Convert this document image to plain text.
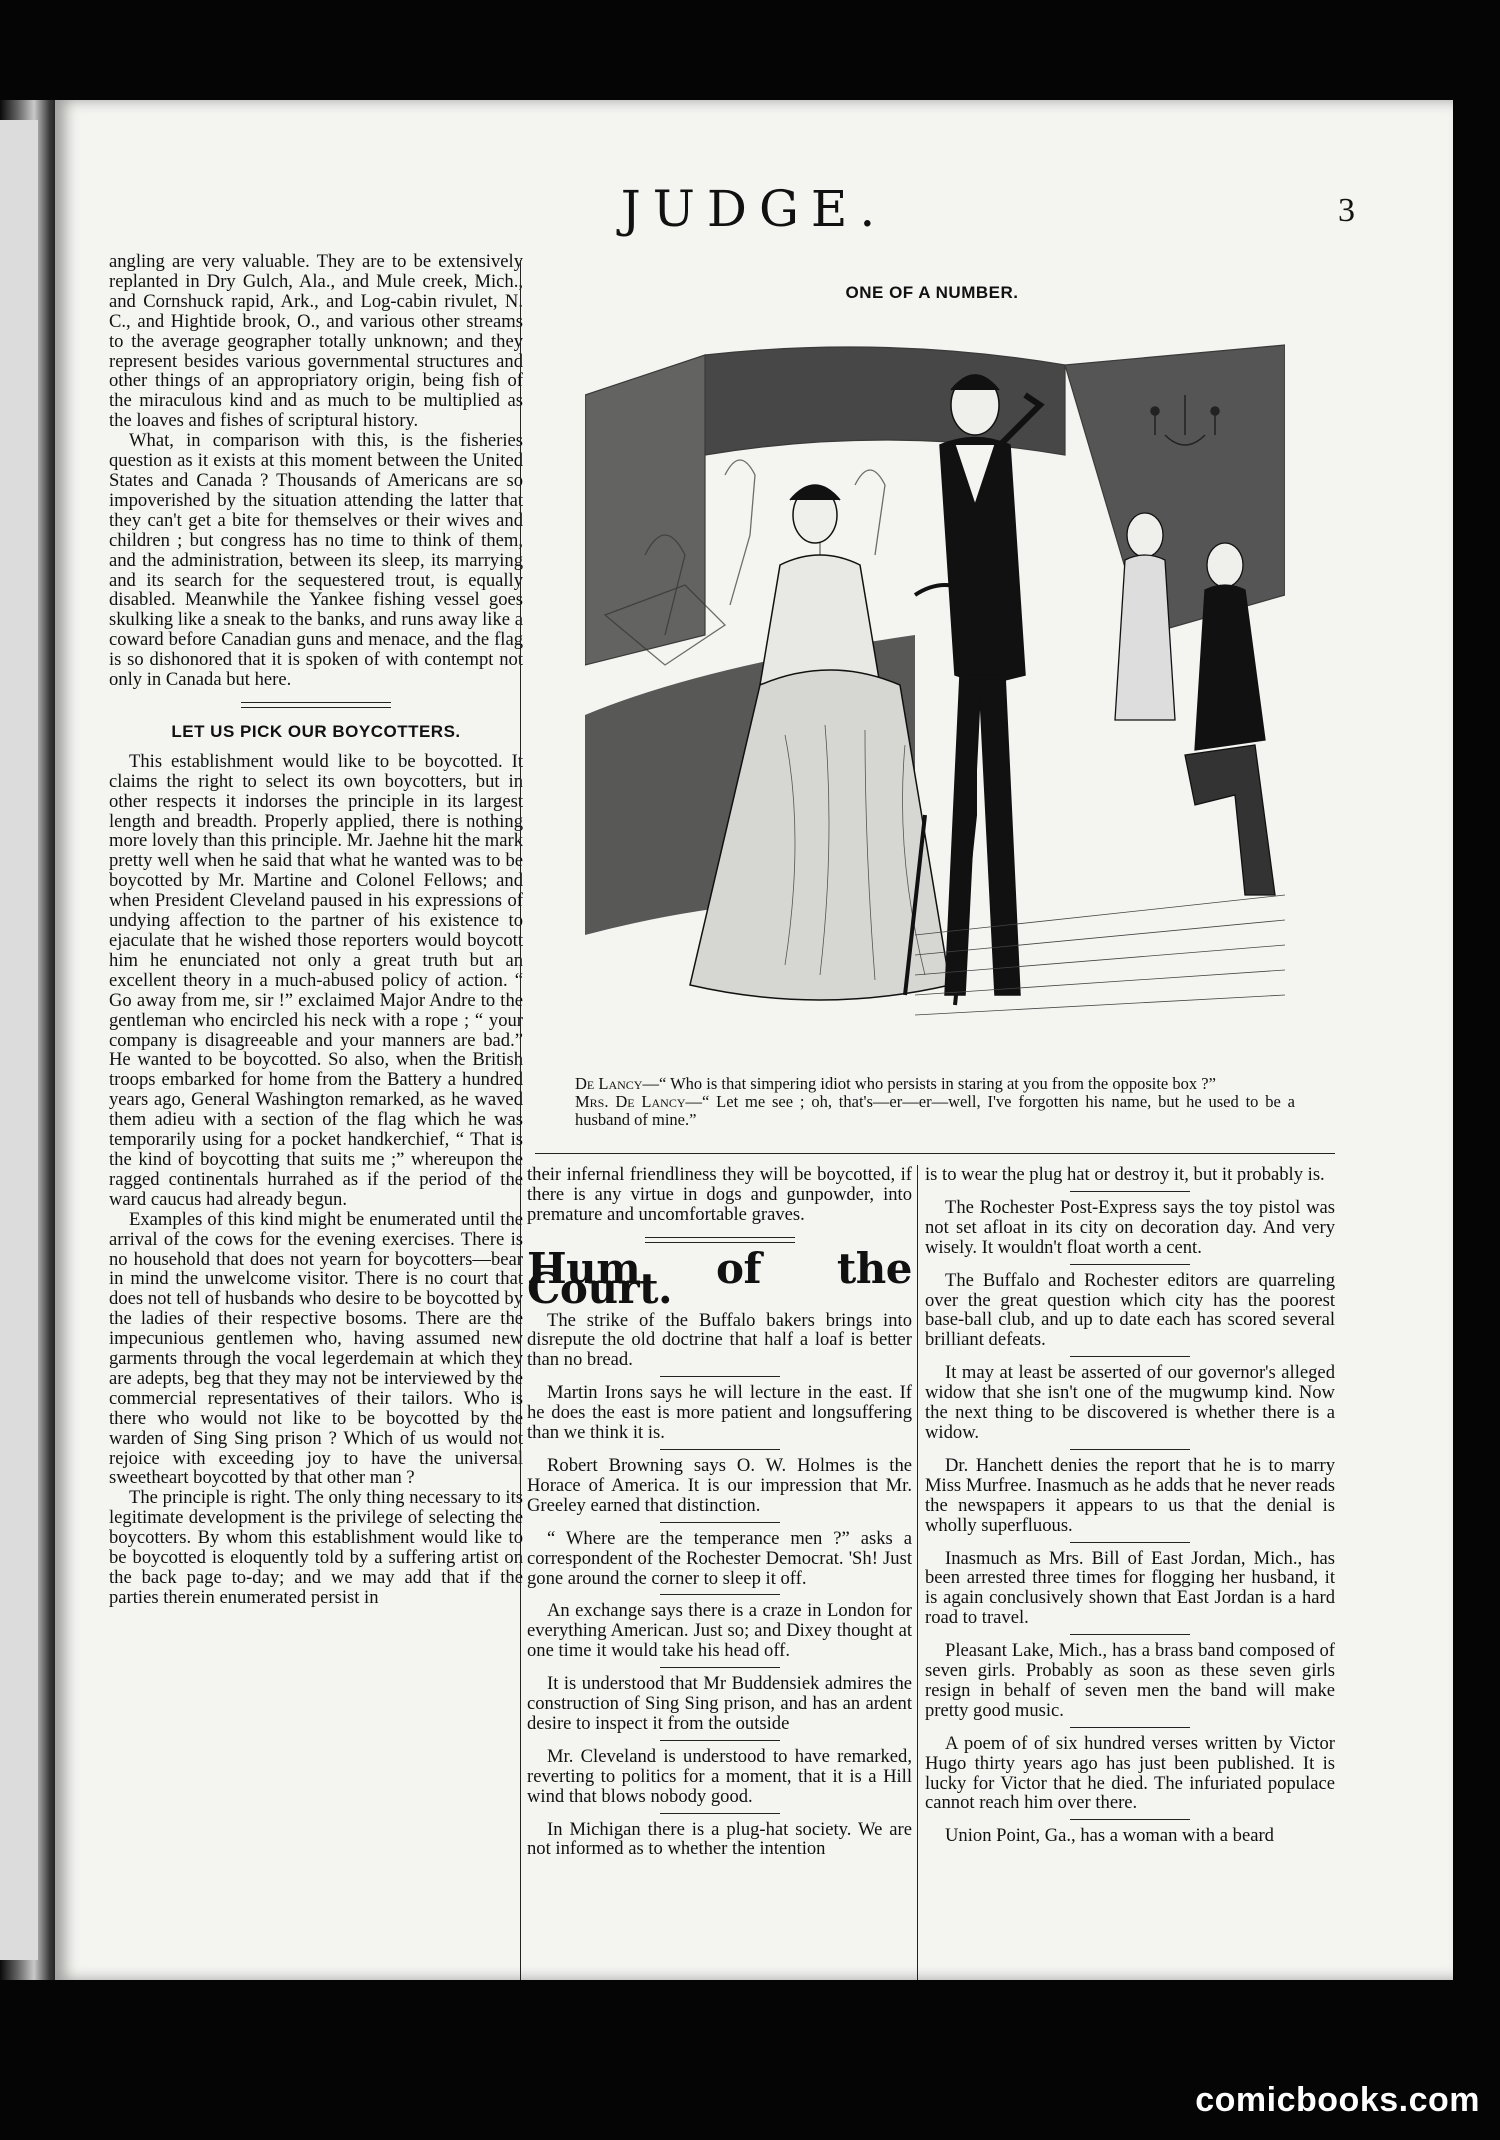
JUDGE.	3

angling are very valuable. They are to be extensively replanted in Dry Gulch, Ala., and Mule creek, Mich., and Cornshuck rapid, Ark., and Log-cabin rivulet, N. C., and Hightide brook, O., and various other streams to the average geographer totally unknown; and they represent besides various governmental structures and other things of an appropriatory origin, being fish of the miraculous kind and as much to be multiplied as the loaves and fishes of scriptural history.

What, in comparison with this, is the fisheries question as it exists at this moment between the United States and Canada ? Thousands of Americans are so impoverished by the situation attending the latter that they can't get a bite for themselves or their wives and children ; but congress has no time to think of them, and the administration, between its sleep, its marrying and its search for the sequestered trout, is equally disabled. Meanwhile the Yankee fishing vessel goes skulking like a sneak to the banks, and runs away like a coward before Canadian guns and menace, and the flag is so dishonored that it is spoken of with contempt not only in Canada but here.

LET US PICK OUR BOYCOTTERS.

This establishment would like to be boycotted. It claims the right to select its own boycotters, but in other respects it indorses the principle in its largest length and breadth. Properly applied, there is nothing more lovely than this principle. Mr. Jaehne hit the mark pretty well when he said that what he wanted was to be boycotted by Mr. Martine and Colonel Fellows; and when President Cleveland paused in his expressions of undying affection to the partner of his existence to ejaculate that he wished those reporters would boycott him he enunciated not only a great truth but an excellent theory in a much-abused policy of action. “ Go away from me, sir !” exclaimed Major Andre to the gentleman who encircled his neck with a rope ; “ your company is disagreeable and your manners are bad.” He wanted to be boycotted. So also, when the British troops embarked for home from the Battery a hundred years ago, General Washington remarked, as he waved them adieu with a section of the flag which he was temporarily using for a pocket handkerchief, “ That is the kind of boycotting that suits me ;” whereupon the ragged continentals hurrahed as if the period of the ward caucus had already begun.

Examples of this kind might be enumerated until the arrival of the cows for the evening exercises. There is no household that does not yearn for boycotters—bear in mind the unwelcome visitor. There is no court that does not tell of husbands who desire to be boycotted by the ladies of their respective bosoms. There are the impecunious gentlemen who, having assumed new garments through the vocal legerdemain at which they are adepts, beg that they may not be interviewed by the commercial representatives of their tailors. Who is there who would not like to be boycotted by the warden of Sing Sing prison ? Which of us would not rejoice with exceeding joy to have the universal sweetheart boycotted by that other man ?

The principle is right. The only thing necessary to its legitimate development is the privilege of selecting the boycotters. By whom this establishment would like to be boycotted is eloquently told by a suffering artist on the back page to-day; and we may add that if the parties therein enumerated persist in

ONE OF A NUMBER.

De Lancy—“ Who is that simpering idiot who persists in staring at you from the opposite box ?”

Mrs. De Lancy—“ Let me see ; oh, that's—er—er—well, I've forgotten his name, but he used to be a husband of mine.”

their infernal friendliness they will be boycotted, if there is any virtue in dogs and gunpowder, into premature and uncomfortable graves.

Hum of the Court.

The strike of the Buffalo bakers brings into disrepute the old doctrine that half a loaf is better than no bread.

Martin Irons says he will lecture in the east. If he does the east is more patient and longsuffering than we think it is.

Robert Browning says O. W. Holmes is the Horace of America. It is our impression that Mr. Greeley earned that distinction.

“ Where are the temperance men ?” asks a correspondent of the Rochester Democrat. 'Sh! Just gone around the corner to sleep it off.

An exchange says there is a craze in London for everything American. Just so; and Dixey thought at one time it would take his head off.

It is understood that Mr Buddensiek admires the construction of Sing Sing prison, and has an ardent desire to inspect it from the outside

Mr. Cleveland is understood to have remarked, reverting to politics for a moment, that it is a Hill wind that blows nobody good.

In Michigan there is a plug-hat society. We are not informed as to whether the intention

is to wear the plug hat or destroy it, but it probably is.

The Rochester Post-Express says the toy pistol was not set afloat in its city on decoration day. And very wisely. It wouldn't float worth a cent.

The Buffalo and Rochester editors are quarreling over the great question which city has the poorest base-ball club, and up to date each has scored several brilliant defeats.

It may at least be asserted of our governor's alleged widow that she isn't one of the mugwump kind. Now the next thing to be discovered is whether there is a widow.

Dr. Hanchett denies the report that he is to marry Miss Murfree. Inasmuch as he adds that he never reads the newspapers it appears to us that the denial is wholly superfluous.

Inasmuch as Mrs. Bill of East Jordan, Mich., has been arrested three times for flogging her husband, it is again conclusively shown that East Jordan is a hard road to travel.

Pleasant Lake, Mich., has a brass band composed of seven girls. Probably as soon as these seven girls resign in behalf of seven men the band will make pretty good music.

A poem of of six hundred verses written by Victor Hugo thirty years ago has just been published. It is lucky for Victor that he died. The infuriated populace cannot reach him over there.

Union Point, Ga., has a woman with a beard

comicbooks.com
